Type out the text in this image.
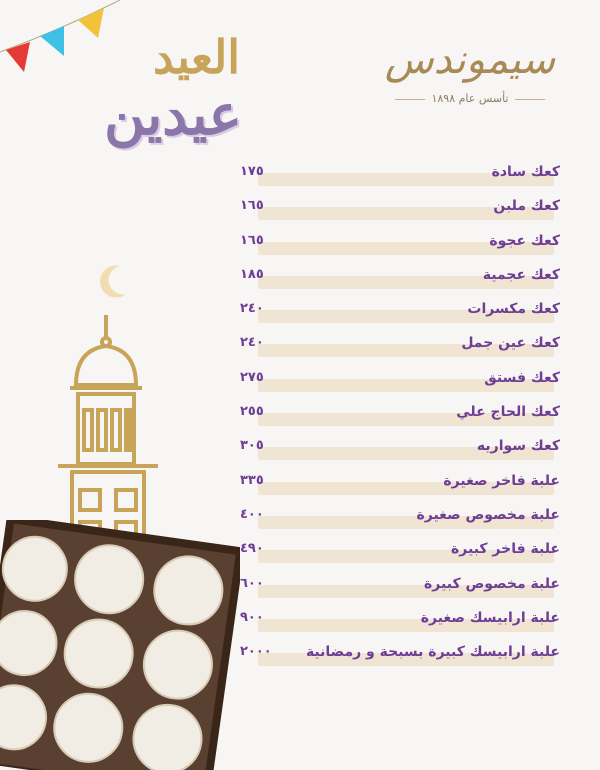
العيد
عيدين
سيموندس
تأسس عام ١٨٩٨
كعك سادة
١٧٥
كعك ملبن
١٦٥
كعك عجوة
١٦٥
كعك عجمية
١٨٥
كعك مكسرات
٢٤٠
كعك عين جمل
٢٤٠
كعك فستق
٢٧٥
كعك الحاج علي
٢٥٥
كعك سواريه
٣٠٥
علبة فاخر صغيرة
٣٣٥
علبة مخصوص صغيرة
٤٠٠
علبة فاخر كبيرة
٤٩٠
علبة مخصوص كبيرة
٦٠٠
علبة ارابيسك صغيرة
٩٠٠
علبة ارابيسك كبيرة بسبحة و رمضانية
٢٠٠٠
